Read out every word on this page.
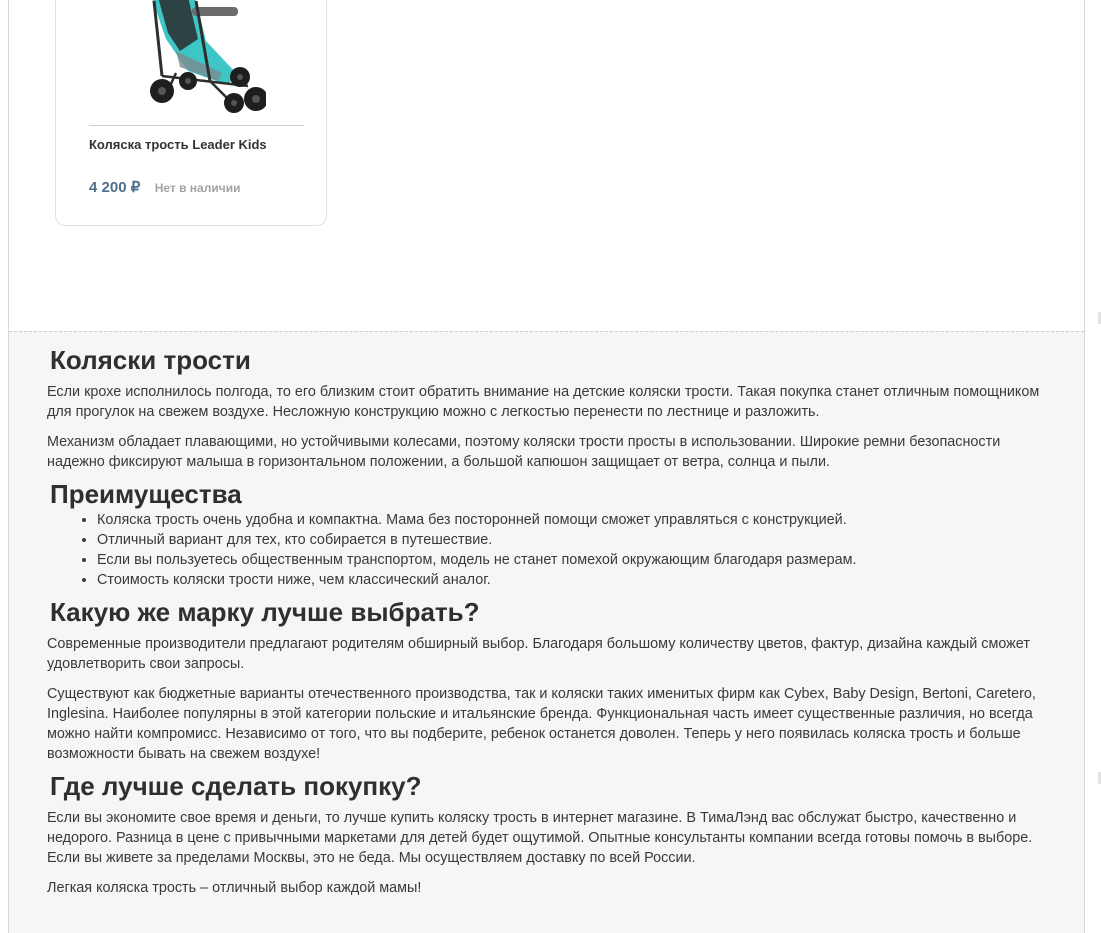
Коляска трость Leader Kids
4 200 ₽ Нет в наличии
Коляски трости

Если крохе исполнилось полгода, то его близким стоит обратить внимание на детские коляски трости. Такая покупка станет отличным помощником для прогулок на свежем воздухе. Несложную конструкцию можно с легкостью перенести по лестнице и разложить.

Механизм обладает плавающими, но устойчивыми колесами, поэтому коляски трости просты в использовании. Широкие ремни безопасности надежно фиксируют малыша в горизонтальном положении, а большой капюшон защищает от ветра, солнца и пыли.

Преимущества
• Коляска трость очень удобна и компактна. Мама без посторонней помощи сможет управляться с конструкцией.
• Отличный вариант для тех, кто собирается в путешествие.
• Если вы пользуетесь общественным транспортом, модель не станет помехой окружающим благодаря размерам.
• Стоимость коляски трости ниже, чем классический аналог.
Какую же марку лучше выбрать?

Современные производители предлагают родителям обширный выбор. Благодаря большому количеству цветов, фактур, дизайна каждый сможет удовлетворить свои запросы.

Существуют как бюджетные варианты отечественного производства, так и коляски таких именитых фирм как Cybex, Baby Design, Bertoni, Caretero, Inglesina. Наиболее популярны в этой категории польские и итальянские бренда. Функциональная часть имеет существенные различия, но всегда можно найти компромисс. Независимо от того, что вы подберите, ребенок останется доволен. Теперь у него появилась коляска трость и больше возможности бывать на свежем воздухе!

Где лучше сделать покупку?

Если вы экономите свое время и деньги, то лучше купить коляску трость в интернет магазине. В ТимаЛэнд вас обслужат быстро, качественно и недорого. Разница в цене с привычными маркетами для детей будет ощутимой. Опытные консультанты компании всегда готовы помочь в выборе. Если вы живете за пределами Москвы, это не беда. Мы осуществляем доставку по всей России.

Легкая коляска трость – отличный выбор каждой мамы!
